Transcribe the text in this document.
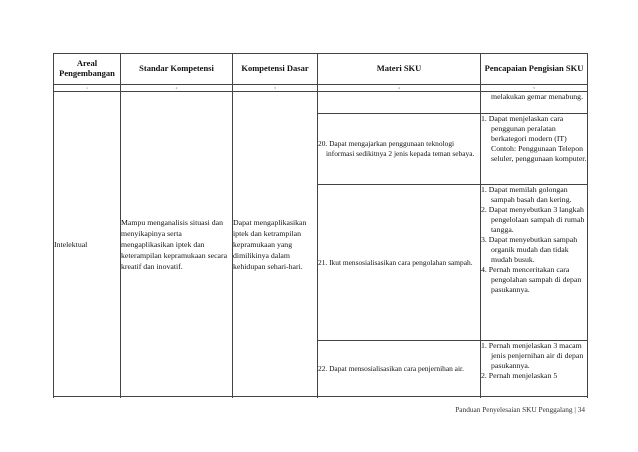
Areal Pengembangan	Standar Kompetensi	Kompetensi Dasar	Materi SKU	Pencapaian Pengisian SKU
1	2	3	4	5
Intelektual	Mampu menganalisis situasi dan menyikapinya serta mengaplikasikan iptek dan keterampilan kepramukaan secara kreatif dan inovatif.	Dapat mengaplikasikan iptek dan ketrampilan kepramukaan yang dimilikinya dalam kehidupan sehari-hari.		melakukan gemar menabung.

			20. Dapat mengajarkan penggunaan teknologi informasi sedikitnya 2 jenis kepada teman sebaya.	1. Dapat menjelaskan cara penggunan peralatan berkategori modern (IT) Contoh: Penggunaan Telepon seluler, penggunaan komputer.

			21. Ikut mensosialisasikan cara pengolahan sampah.	1. Dapat memilah golongan sampah basah dan kering.
2. Dapat menyebutkan 3 langkah pengelolaan sampah di rumah tangga.
3. Dapat menyebutkan sampah organik mudah dan tidak mudah busuk.
4. Pernah menceritakan cara pengolahan sampah di depan pasukannya.

			22. Dapat mensosialisasikan cara penjernihan air.	1. Pernah menjelaskan 3 macam jenis penjernihan air di depan pasukannya.
2. Pernah menjelaskan 5

Panduan Penyelesaian SKU Penggalang | 34
